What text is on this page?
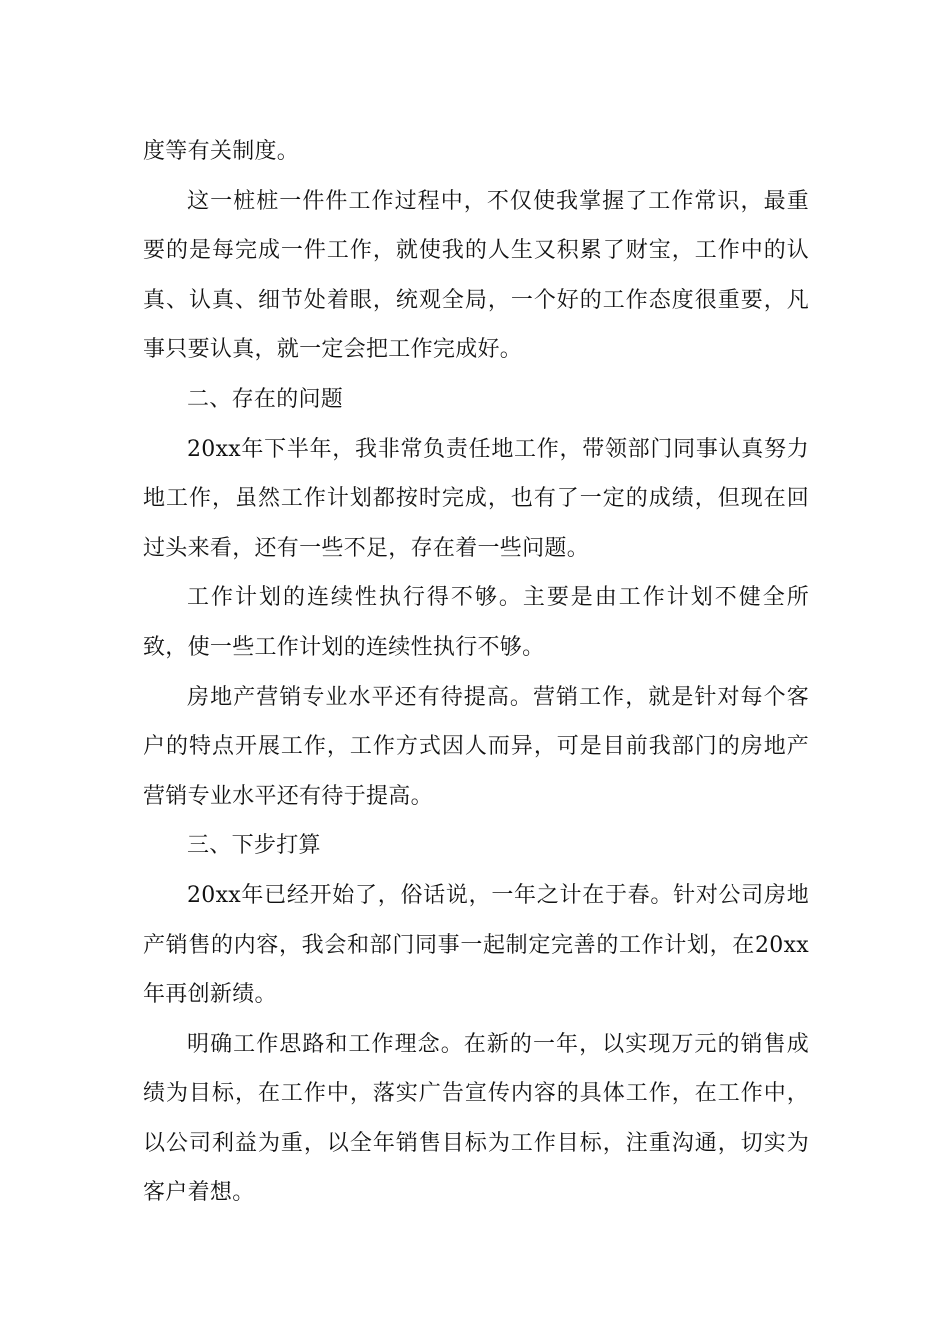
度等有关制度。

这一桩桩一件件工作过程中，不仅使我掌握了工作常识，最重要的是每完成一件工作，就使我的人生又积累了财宝，工作中的认真、认真、细节处着眼，统观全局，一个好的工作态度很重要，凡事只要认真，就一定会把工作完成好。

二、存在的问题

20xx年下半年，我非常负责任地工作，带领部门同事认真努力地工作，虽然工作计划都按时完成，也有了一定的成绩，但现在回过头来看，还有一些不足，存在着一些问题。

工作计划的连续性执行得不够。主要是由工作计划不健全所致，使一些工作计划的连续性执行不够。

房地产营销专业水平还有待提高。营销工作，就是针对每个客户的特点开展工作，工作方式因人而异，可是目前我部门的房地产营销专业水平还有待于提高。

三、下步打算

20xx年已经开始了，俗话说，一年之计在于春。针对公司房地产销售的内容，我会和部门同事一起制定完善的工作计划，在20xx年再创新绩。

明确工作思路和工作理念。在新的一年，以实现万元的销售成绩为目标，在工作中，落实广告宣传内容的具体工作，在工作中，以公司利益为重，以全年销售目标为工作目标，注重沟通，切实为客户着想。
